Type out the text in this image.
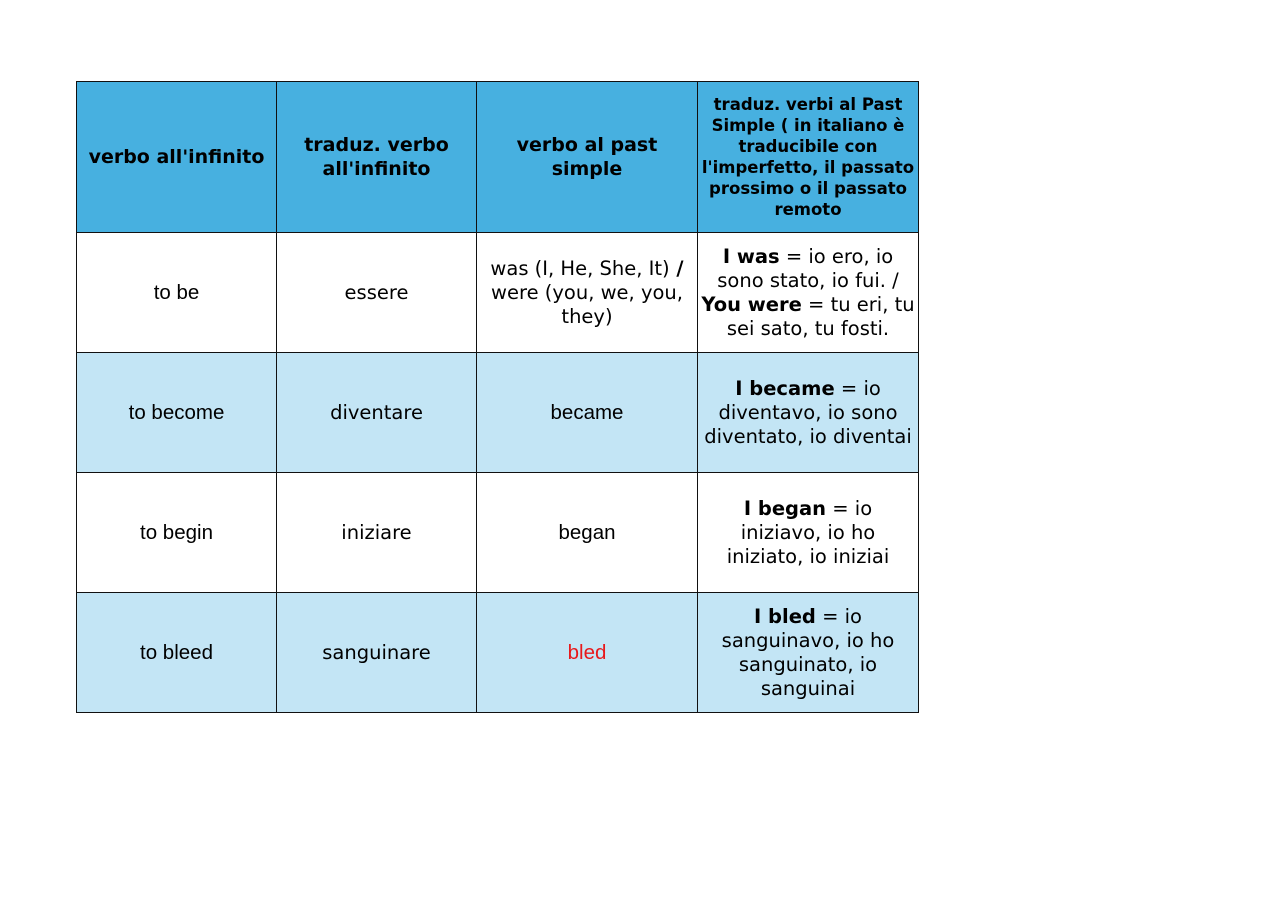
verbo all'infinito	traduz. verbo all'infinito	verbo al past simple	traduz. verbi al Past Simple ( in italiano è traducibile con l'imperfetto, il passato prossimo o il passato remoto
to be	essere	was (I, He, She, It) / were (you, we, you, they)	I was = io ero, io sono stato, io fui. / You were = tu eri, tu sei sato, tu fosti.
to become	diventare	became	I became = io diventavo, io sono diventato, io diventai
to begin	iniziare	began	I began = io iniziavo, io ho iniziato, io iniziai
to bleed	sanguinare	bled	I bled = io sanguinavo, io ho sanguinato, io sanguinai
